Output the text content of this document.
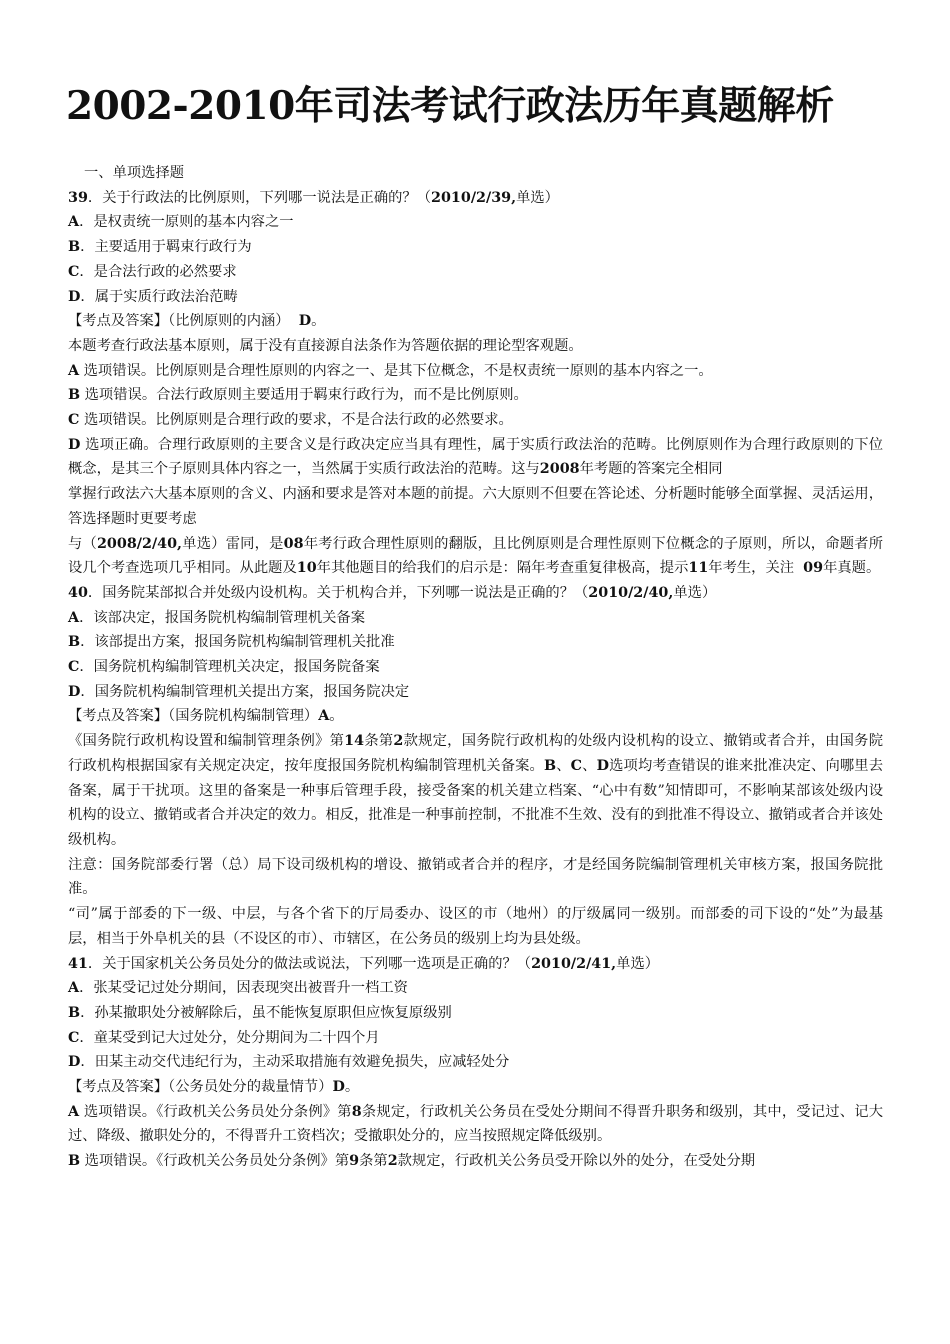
2002-2010年司法考试行政法历年真题解析

一、单项选择题

39．关于行政法的比例原则，下列哪一说法是正确的？（2010/2/39,单选）

A．是权责统一原则的基本内容之一

B．主要适用于羁束行政行为

C．是合法行政的必然要求

D．属于实质行政法治范畴

【考点及答案】（比例原则的内涵） D。

本题考查行政法基本原则，属于没有直接源自法条作为答题依据的理论型客观题。

A 选项错误。比例原则是合理性原则的内容之一、是其下位概念，不是权责统一原则的基本内容之一。

B 选项错误。合法行政原则主要适用于羁束行政行为，而不是比例原则。

C 选项错误。比例原则是合理行政的要求，不是合法行政的必然要求。

D 选项正确。合理行政原则的主要含义是行政决定应当具有理性，属于实质行政法治的范畴。比例原则作为合理行政原则的下位概念，是其三个子原则具体内容之一，当然属于实质行政法治的范畴。这与2008年考题的答案完全相同

掌握行政法六大基本原则的含义、内涵和要求是答对本题的前提。六大原则不但要在答论述、分析题时能够全面掌握、灵活运用，答选择题时更要考虑

与（2008/2/40,单选）雷同，是08年考行政合理性原则的翻版，且比例原则是合理性原则下位概念的子原则，所以，命题者所设几个考查选项几乎相同。从此题及10年其他题目的给我们的启示是：隔年考查重复律极高，提示11年考生，关注 09年真题。

40．国务院某部拟合并处级内设机构。关于机构合并，下列哪一说法是正确的？（2010/2/40,单选）

A．该部决定，报国务院机构编制管理机关备案

B．该部提出方案，报国务院机构编制管理机关批准

C．国务院机构编制管理机关决定，报国务院备案

D．国务院机构编制管理机关提出方案，报国务院决定

【考点及答案】（国务院机构编制管理）A。

《国务院行政机构设置和编制管理条例》第14条第2款规定，国务院行政机构的处级内设机构的设立、撤销或者合并，由国务院行政机构根据国家有关规定决定，按年度报国务院机构编制管理机关备案。B、C、D选项均考查错误的谁来批准决定、向哪里去备案，属于干扰项。这里的备案是一种事后管理手段，接受备案的机关建立档案、“心中有数”知情即可，不影响某部该处级内设机构的设立、撤销或者合并决定的效力。相反，批准是一种事前控制，不批准不生效、没有的到批准不得设立、撤销或者合并该处级机构。

注意：国务院部委行署（总）局下设司级机构的增设、撤销或者合并的程序，才是经国务院编制管理机关审核方案，报国务院批准。

“司”属于部委的下一级、中层，与各个省下的厅局委办、设区的市（地州）的厅级属同一级别。而部委的司下设的“处”为最基层，相当于外阜机关的县（不设区的市）、市辖区，在公务员的级别上均为县处级。

41．关于国家机关公务员处分的做法或说法，下列哪一选项是正确的？（2010/2/41,单选）

A．张某受记过处分期间，因表现突出被晋升一档工资

B．孙某撤职处分被解除后，虽不能恢复原职但应恢复原级别

C．童某受到记大过处分，处分期间为二十四个月

D．田某主动交代违纪行为，主动采取措施有效避免损失，应减轻处分

【考点及答案】（公务员处分的裁量情节）D。

A 选项错误。《行政机关公务员处分条例》第8条规定，行政机关公务员在受处分期间不得晋升职务和级别，其中，受记过、记大过、降级、撤职处分的，不得晋升工资档次；受撤职处分的，应当按照规定降低级别。

B 选项错误。《行政机关公务员处分条例》第9条第2款规定，行政机关公务员受开除以外的处分，在受处分期
